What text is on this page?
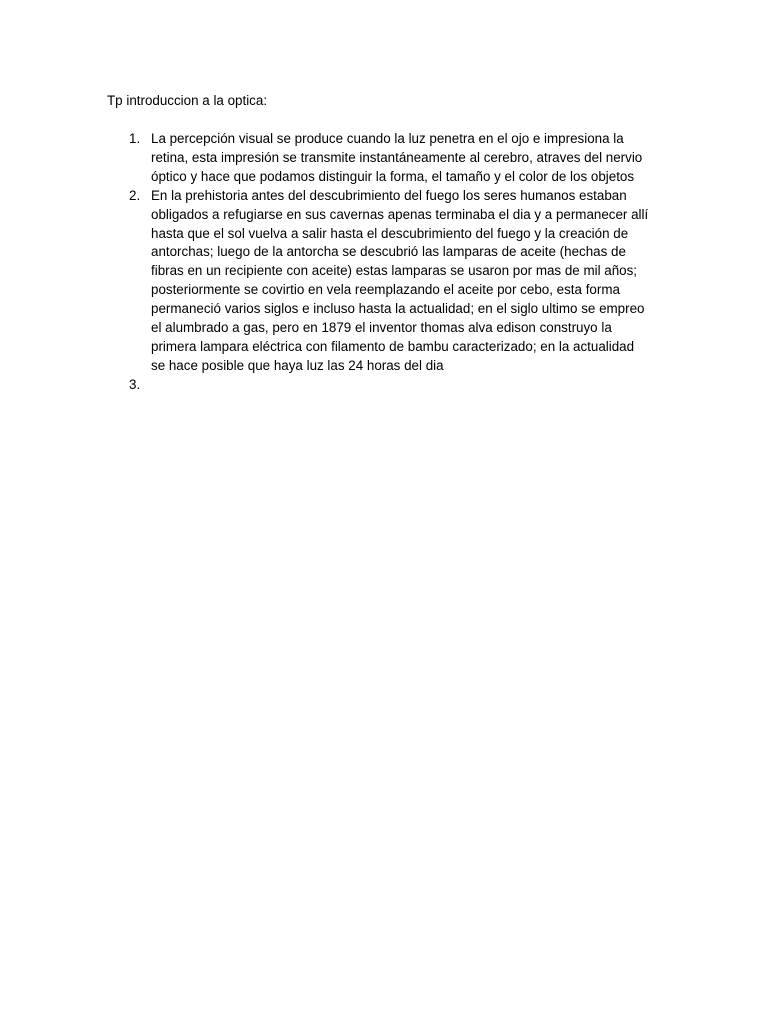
Tp introduccion a la optica:

1. La percepción visual se produce cuando la luz penetra en el ojo e impresiona la
retina, esta impresión se transmite instantáneamente al cerebro, atraves del nervio
óptico y hace que podamos distinguir la forma, el tamaño y el color de los objetos
2. En la prehistoria antes del descubrimiento del fuego los seres humanos estaban
obligados a refugiarse en sus cavernas apenas terminaba el dia y a permanecer allí
hasta que el sol vuelva a salir hasta el descubrimiento del fuego y la creación de
antorchas; luego de la antorcha se descubrió las lamparas de aceite (hechas de
fibras en un recipiente con aceite) estas lamparas se usaron por mas de mil años;
posteriormente se covirtio en vela reemplazando el aceite por cebo, esta forma
permaneció varios siglos e incluso hasta la actualidad; en el siglo ultimo se empreo
el alumbrado a gas, pero en 1879 el inventor thomas alva edison construyo la
primera lampara eléctrica con filamento de bambu caracterizado; en la actualidad
se hace posible que haya luz las 24 horas del dia
3.
